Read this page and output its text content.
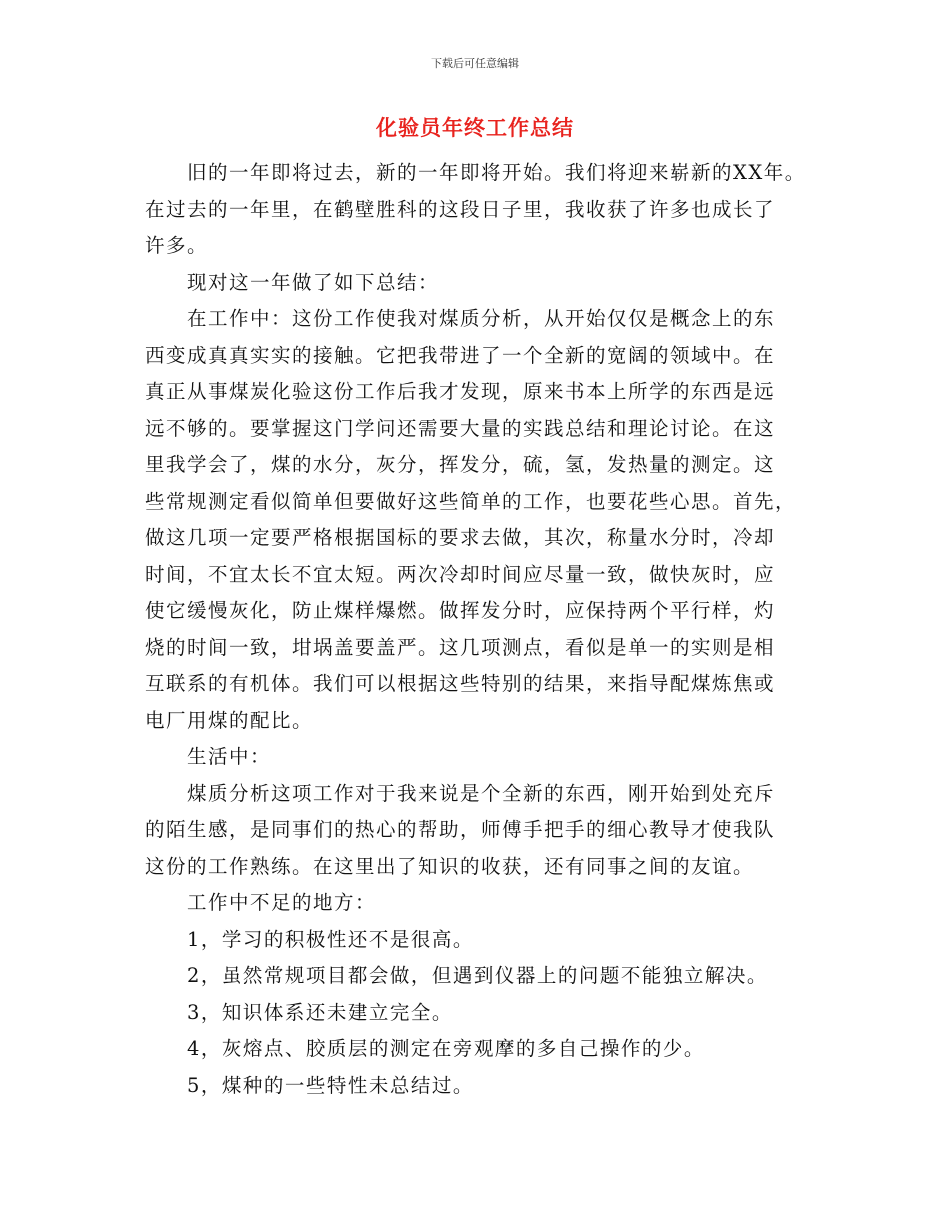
下载后可任意编辑
化验员年终工作总结
旧的一年即将过去，新的一年即将开始。我们将迎来崭新的XX年。
在过去的一年里，在鹤壁胜科的这段日子里，我收获了许多也成长了
许多。
现对这一年做了如下总结：
在工作中：这份工作使我对煤质分析，从开始仅仅是概念上的东
西变成真真实实的接触。它把我带进了一个全新的宽阔的领域中。在
真正从事煤炭化验这份工作后我才发现，原来书本上所学的东西是远
远不够的。要掌握这门学问还需要大量的实践总结和理论讨论。在这
里我学会了，煤的水分，灰分，挥发分，硫，氢，发热量的测定。这
些常规测定看似简单但要做好这些简单的工作，也要花些心思。首先，
做这几项一定要严格根据国标的要求去做，其次，称量水分时，冷却
时间，不宜太长不宜太短。两次冷却时间应尽量一致，做快灰时，应
使它缓慢灰化，防止煤样爆燃。做挥发分时，应保持两个平行样，灼
烧的时间一致，坩埚盖要盖严。这几项测点，看似是单一的实则是相
互联系的有机体。我们可以根据这些特别的结果，来指导配煤炼焦或
电厂用煤的配比。
生活中：
煤质分析这项工作对于我来说是个全新的东西，刚开始到处充斥
的陌生感，是同事们的热心的帮助，师傅手把手的细心教导才使我队
这份的工作熟练。在这里出了知识的收获，还有同事之间的友谊。
工作中不足的地方：
1，学习的积极性还不是很高。
2，虽然常规项目都会做，但遇到仪器上的问题不能独立解决。
3，知识体系还未建立完全。
4，灰熔点、胶质层的测定在旁观摩的多自己操作的少。
5，煤种的一些特性未总结过。
